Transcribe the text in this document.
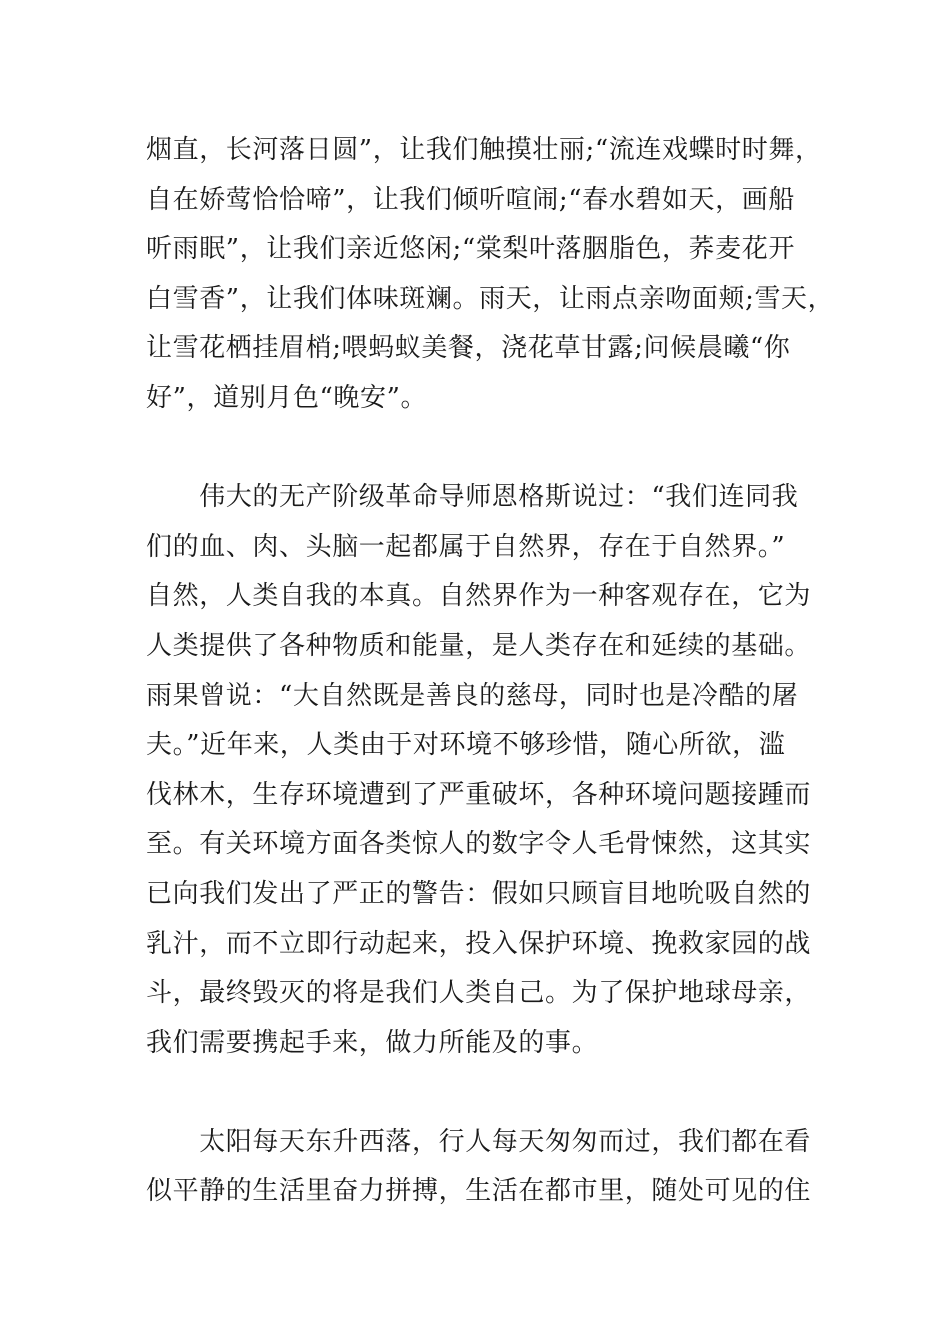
烟直，长河落日圆”，让我们触摸壮丽;“流连戏蝶时时舞，
自在娇莺恰恰啼”，让我们倾听喧闹;“春水碧如天，画船
听雨眠”，让我们亲近悠闲;“棠梨叶落胭脂色，荞麦花开
白雪香”，让我们体味斑斓。雨天，让雨点亲吻面颊;雪天，
让雪花栖挂眉梢;喂蚂蚁美餐，浇花草甘露;问候晨曦“你
好”，道别月色“晚安”。

　　伟大的无产阶级革命导师恩格斯说过：“我们连同我
们的血、肉、头脑一起都属于自然界，存在于自然界。”
自然，人类自我的本真。自然界作为一种客观存在，它为
人类提供了各种物质和能量，是人类存在和延续的基础。
雨果曾说：“大自然既是善良的慈母，同时也是冷酷的屠
夫。”近年来，人类由于对环境不够珍惜，随心所欲，滥
伐林木，生存环境遭到了严重破坏，各种环境问题接踵而
至。有关环境方面各类惊人的数字令人毛骨悚然，这其实
已向我们发出了严正的警告：假如只顾盲目地吮吸自然的
乳汁，而不立即行动起来，投入保护环境、挽救家园的战
斗，最终毁灭的将是我们人类自己。为了保护地球母亲，
我们需要携起手来，做力所能及的事。

　　太阳每天东升西落，行人每天匆匆而过，我们都在看
似平静的生活里奋力拼搏，生活在都市里，随处可见的住
